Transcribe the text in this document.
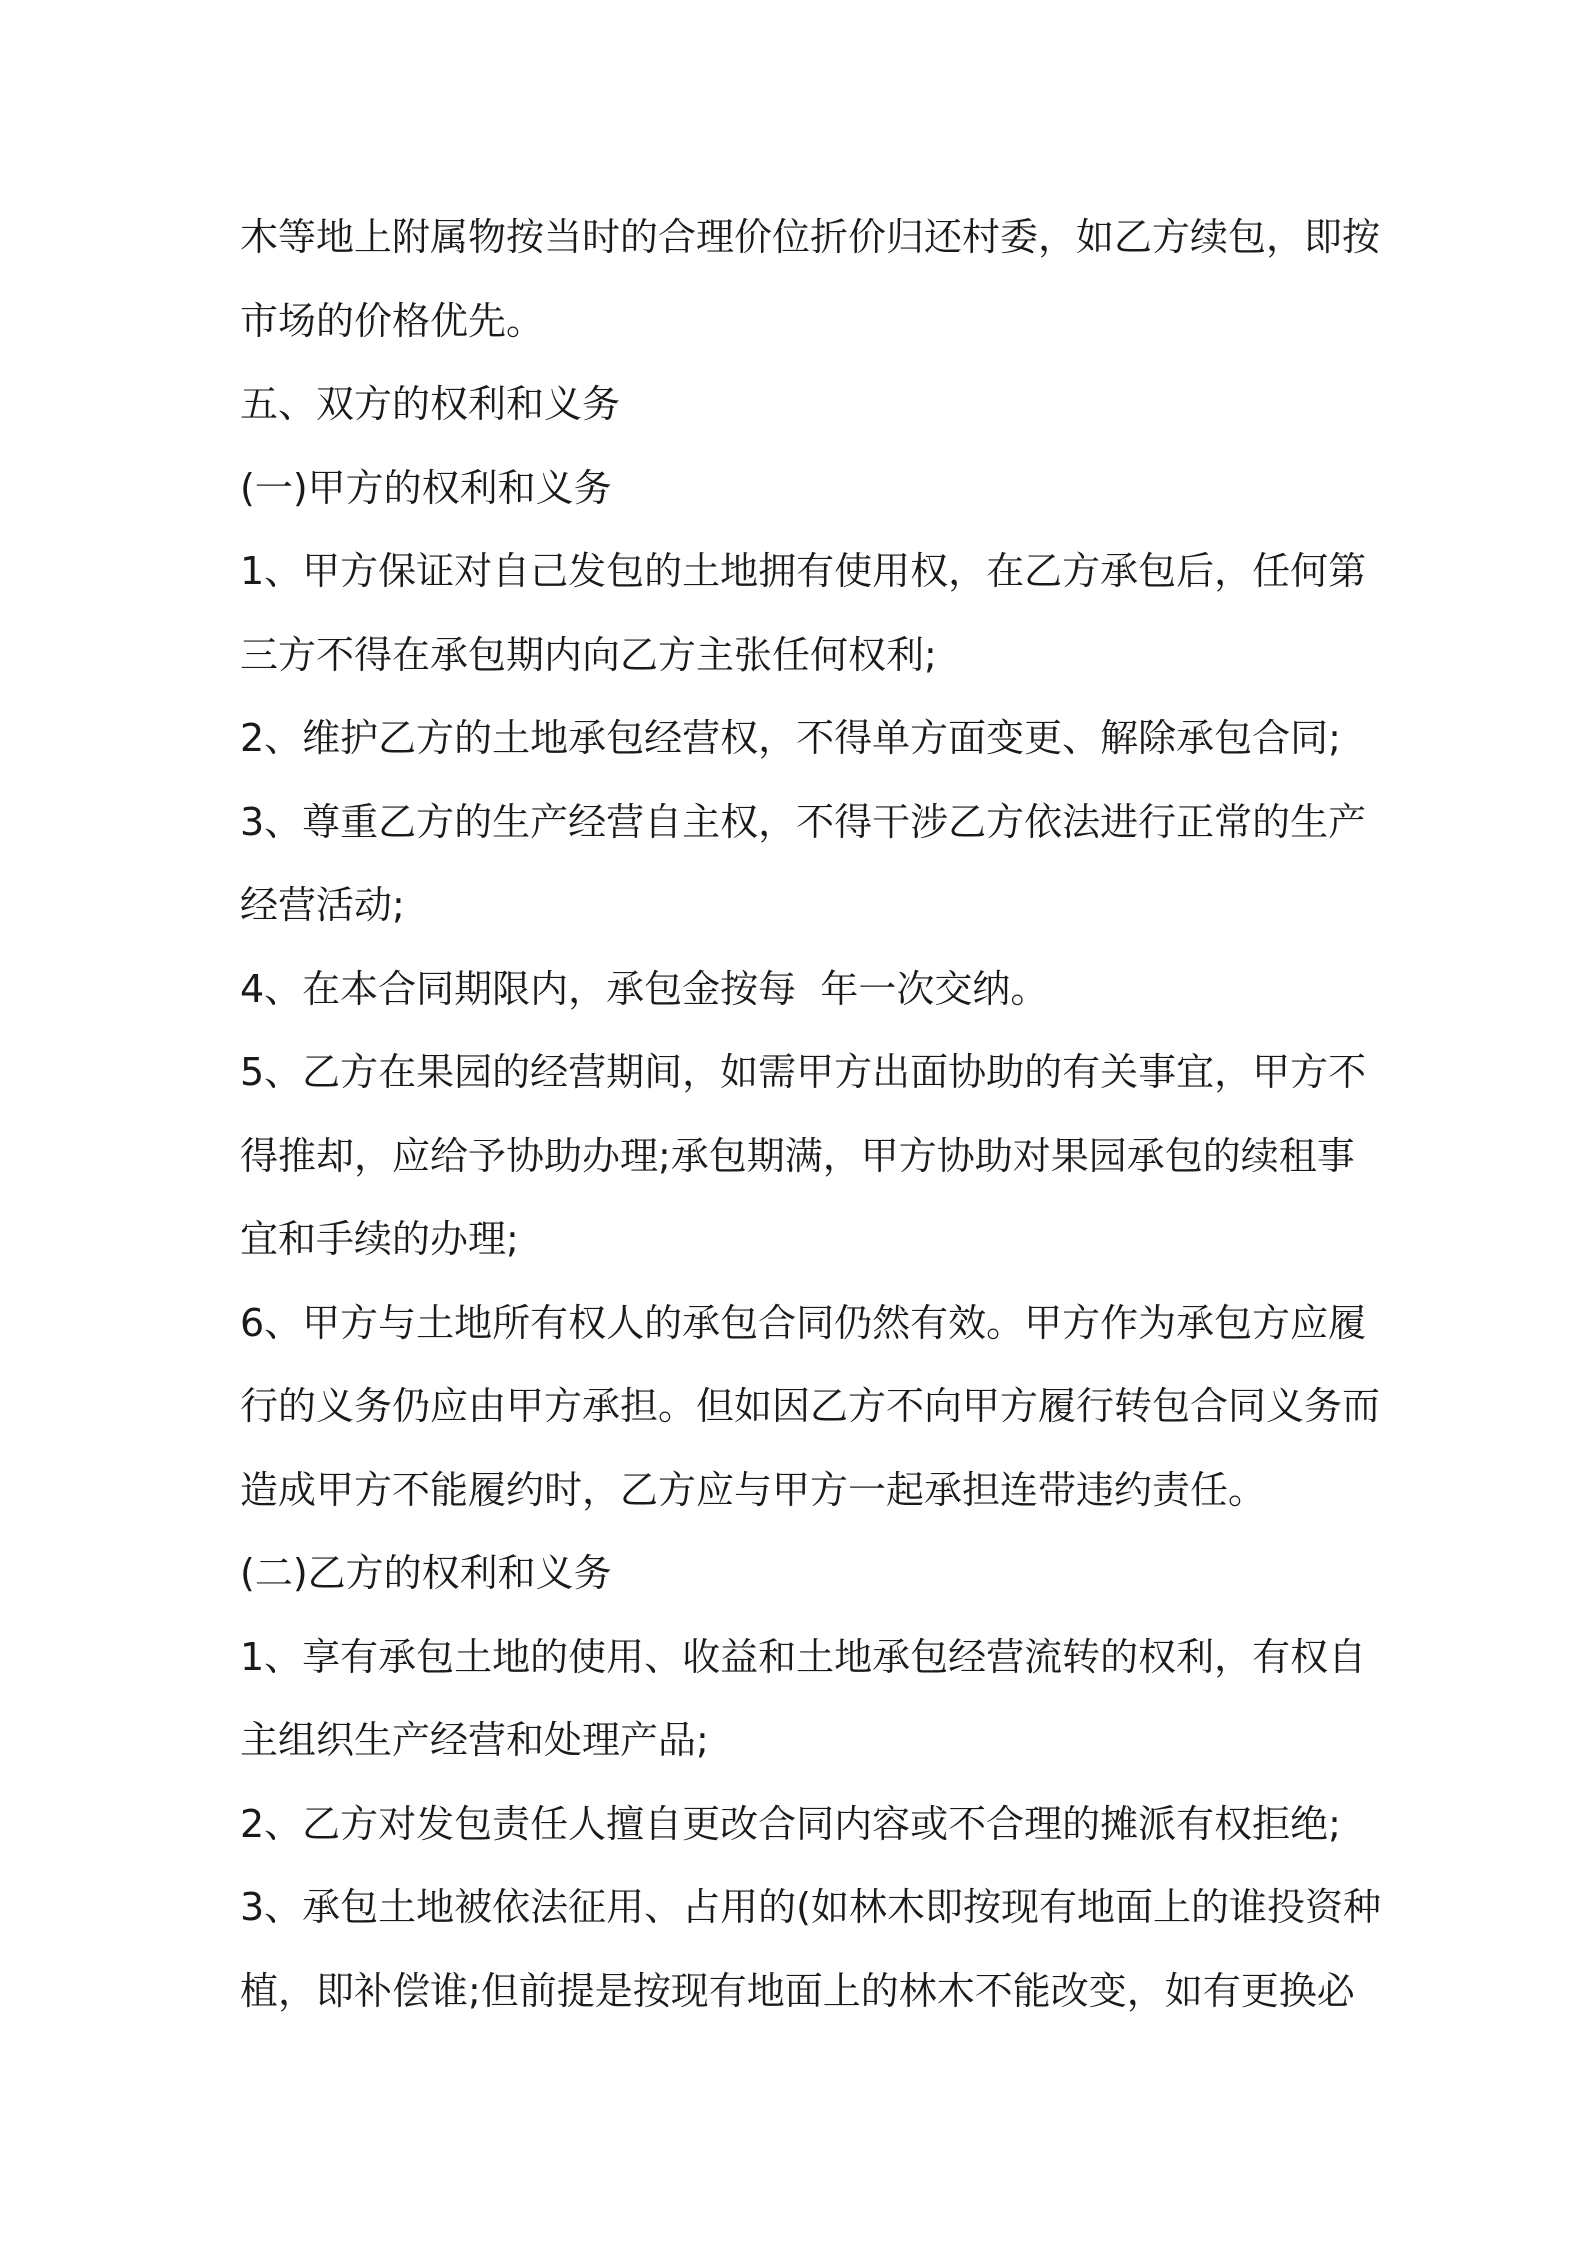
木等地上附属物按当时的合理价位折价归还村委，如乙方续包，即按
市场的价格优先。
五、双方的权利和义务
(一)甲方的权利和义务
1、甲方保证对自己发包的土地拥有使用权，在乙方承包后，任何第
三方不得在承包期内向乙方主张任何权利;
2、维护乙方的土地承包经营权，不得单方面变更、解除承包合同;
3、尊重乙方的生产经营自主权，不得干涉乙方依法进行正常的生产
经营活动;
4、在本合同期限内，承包金按每  年一次交纳。
5、乙方在果园的经营期间，如需甲方出面协助的有关事宜，甲方不
得推却，应给予协助办理;承包期满，甲方协助对果园承包的续租事
宜和手续的办理;
6、甲方与土地所有权人的承包合同仍然有效。甲方作为承包方应履
行的义务仍应由甲方承担。但如因乙方不向甲方履行转包合同义务而
造成甲方不能履约时，乙方应与甲方一起承担连带违约责任。
(二)乙方的权利和义务
1、享有承包土地的使用、收益和土地承包经营流转的权利，有权自
主组织生产经营和处理产品;
2、乙方对发包责任人擅自更改合同内容或不合理的摊派有权拒绝;
3、承包土地被依法征用、占用的(如林木即按现有地面上的谁投资种
植，即补偿谁;但前提是按现有地面上的林木不能改变，如有更换必
